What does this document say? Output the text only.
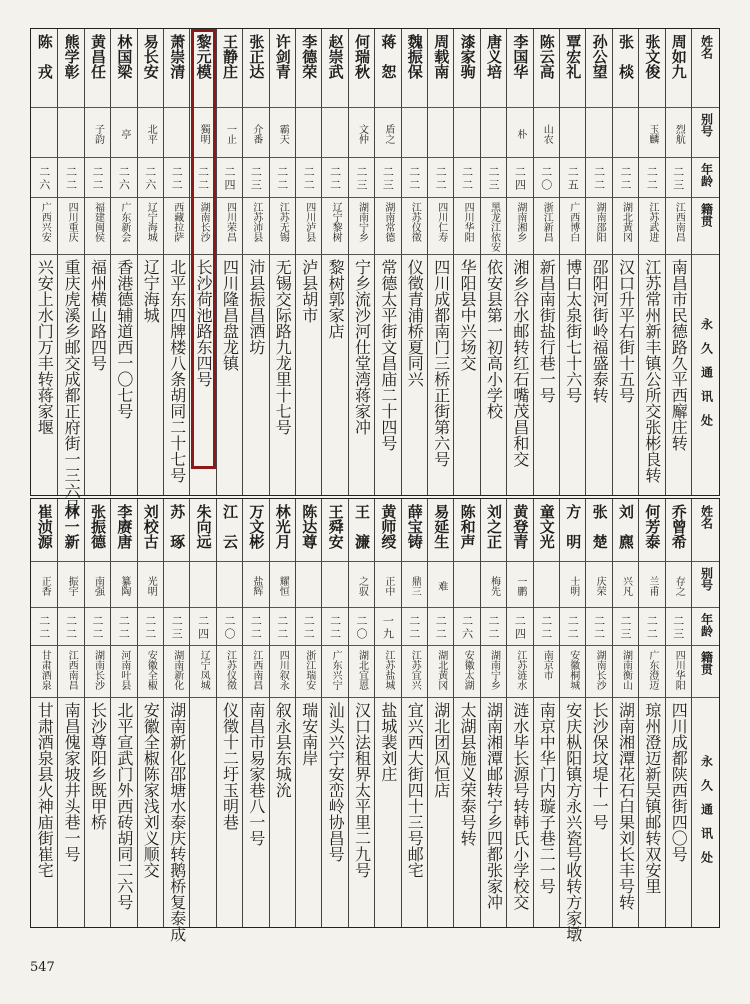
姓名
别号
年龄
籍贯
永久通讯处
周如九
烈航
二三
江西南昌
南昌市民德路久平西廨庄转
张文俊
玉麟
二二
江苏武进
江苏常州新丰镇公所交张彬良转
张　棪
二二
湖北黄冈
汉口升平右街十五号
孙公望
二二
湖南邵阳
邵阳河街岭福盛泰转
覃宏礼
二五
广西博白
博白太泉街七十六号
陈云高
山农
二〇
浙江新昌
新昌南街盐行巷一号
李国华
朴
二四
湖南湘乡
湘乡谷水邮转红石嘴茂昌和交
唐义培
二三
黑龙江依安
依安县第一初高小学校
漆家驹
二二
四川华阳
华阳县中兴场交
周载南
二二
四川仁寿
四川成都南门三桥正街第六号
魏振保
二二
江苏仪徵
仪徵青浦桥夏同兴
蒋　恕
盾之
二三
湖南常德
常德太平街文昌庙二十四号
何瑞秋
文仲
二三
湖南宁乡
宁乡流沙河仕堂湾蒋家冲
赵崇武
二二
辽宁黎树
黎树郭家店
李德荣
二二
四川泸县
泸县胡市
许剑青
霸天
二二
江苏无锡
无锡交际路九龙里十七号
张正达
介番
二三
江苏沛县
沛县振昌酒坊
王静庄
一止
二四
四川荣昌
四川隆昌盘龙镇
黎元模
獨明
二二
湖南长沙
长沙荷池路东四号
萧崇清
二二
西藏拉萨
北平东四牌楼八条胡同二十七号
易长安
北平
二六
辽宁海城
辽宁海城
林国梁
亭
二六
广东新会
香港德辅道西一〇七号
黄昌任
子韵
二二
福建闽侯
福州横山路四号
熊学彰
二二
四川重庆
重庆虎溪乡邮交成都正府街一三六号
陈　戎
二六
广西兴安
兴安上水门万丰转蒋家堰
姓名
别号
年龄
籍贯
永久通讯处
乔曾希
存之
二三
四川华阳
四川成都陕西街四〇号
何芳泰
兰甫
二二
广东澄迈
琼州澄迈新吴镇邮转双安里
刘　麃
兴凡
二三
湖南衡山
湖南湘潭花石白果刘长丰号转
张　楚
庆荣
二二
湖南长沙
长沙保坟堤十一号
方　明
士明
二二
安徽桐城
安庆枞阳镇方永兴瓷号收转方家墩
童文光
二二
南京市
南京中华门内璇子巷二一号
黄登青
一鹏
二四
江苏涟水
涟水毕长源号转韩氏小学校交
刘之正
梅先
二二
湖南宁乡
湖南湘潭邮转宁乡四都张家冲
陈和声
二六
安徽太湖
太湖县施义荣泰号转
易延生
难
二二
湖北黄冈
湖北团风恒店
薛宝铸
鼎三
二二
江苏宜兴
宜兴西大街四十三号邮宅
黄师绶
正中
一九
江苏盐城
盐城裴刘庄
王　濂
之驭
二〇
湖北宜恩
汉口法租界太平里二九号
王舜安
二二
广东兴宁
汕头兴宁安峦岭协昌号
陈达尊
二二
浙江瑞安
瑞安南岸
林光月
耀恒
二二
四川叙永
叙永县东城沇
万文彬
盐辉
二二
江西南昌
南昌市易家巷八一号
江　云
二〇
江苏仪徵
仪徵十二圩玉明巷
朱向远
二四
辽宁凤城
苏　琢
二三
湖南新化
湖南新化邵塘水泰庆转鹅桥复泰成
刘校古
光明
二二
安徽全椒
安徽全椒陈家浅刘义顺交
李赓唐
纂陶
二二
河南叶县
北平宣武门外西砖胡同二六号
张振德
南强
二二
湖南长沙
长沙尊阳乡既甲桥
林一新
振宇
二二
江西南昌
南昌傀家坡井头巷一号
崔浈源
正香
二二
甘肃酒泉
甘肃酒泉县火神庙街崔宅
547
